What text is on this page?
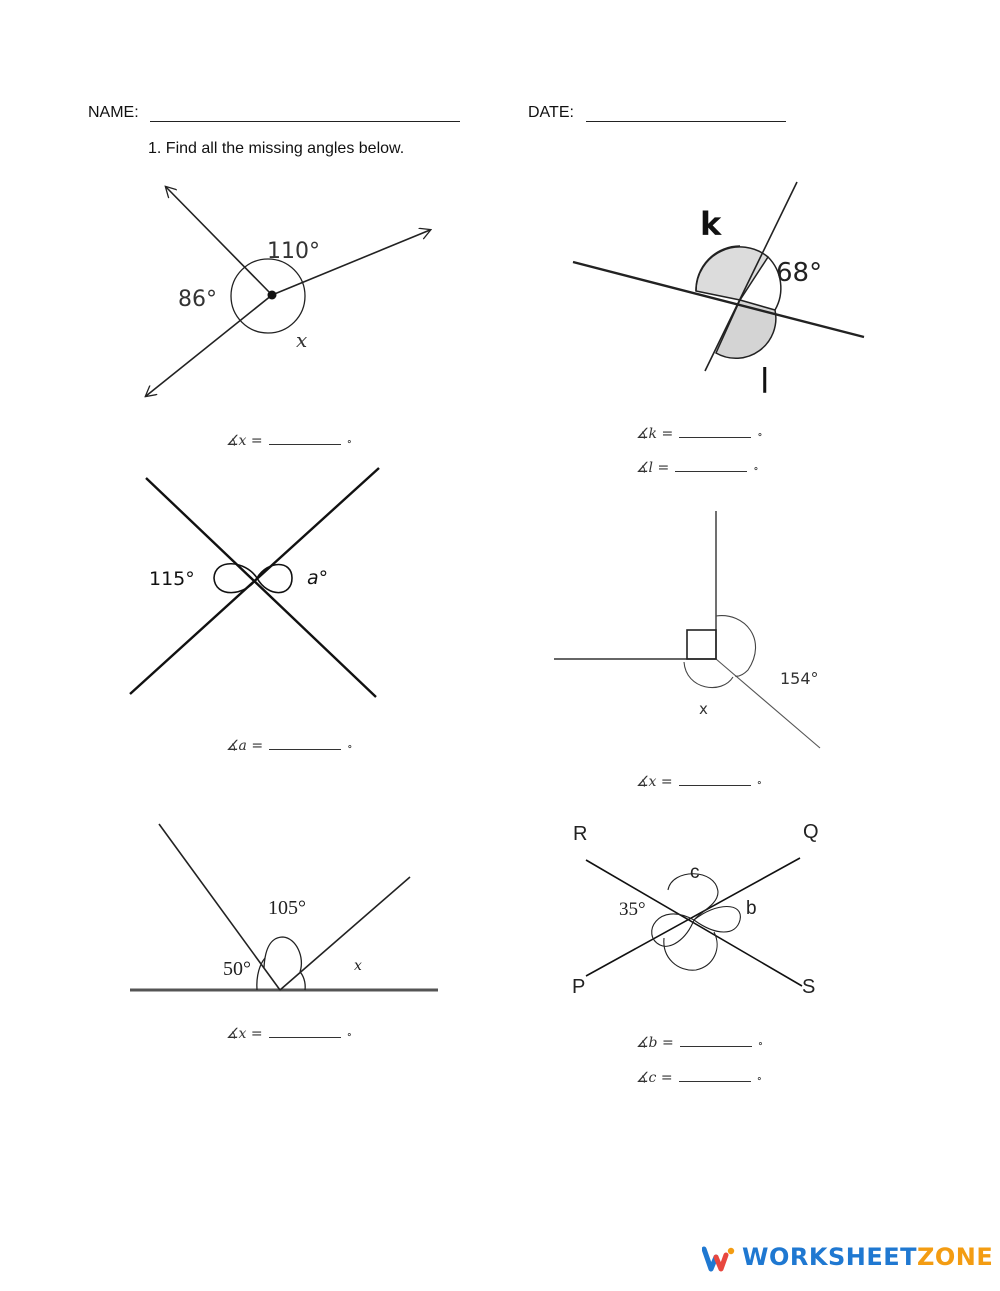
NAME:	DATE:
1. Find all the missing angles below.
110°
86°
x
k
68°
l
115°	a°
154°
x
105°
50°	x
R	Q
P	S
c
35°	b
∡x =	∘	∡k =	∘
∡l =	∘
∡a =	∘
∡x =	∘
∡x =	∘
∡b =	∘
∡c =	∘
WORKSHEETZONE
